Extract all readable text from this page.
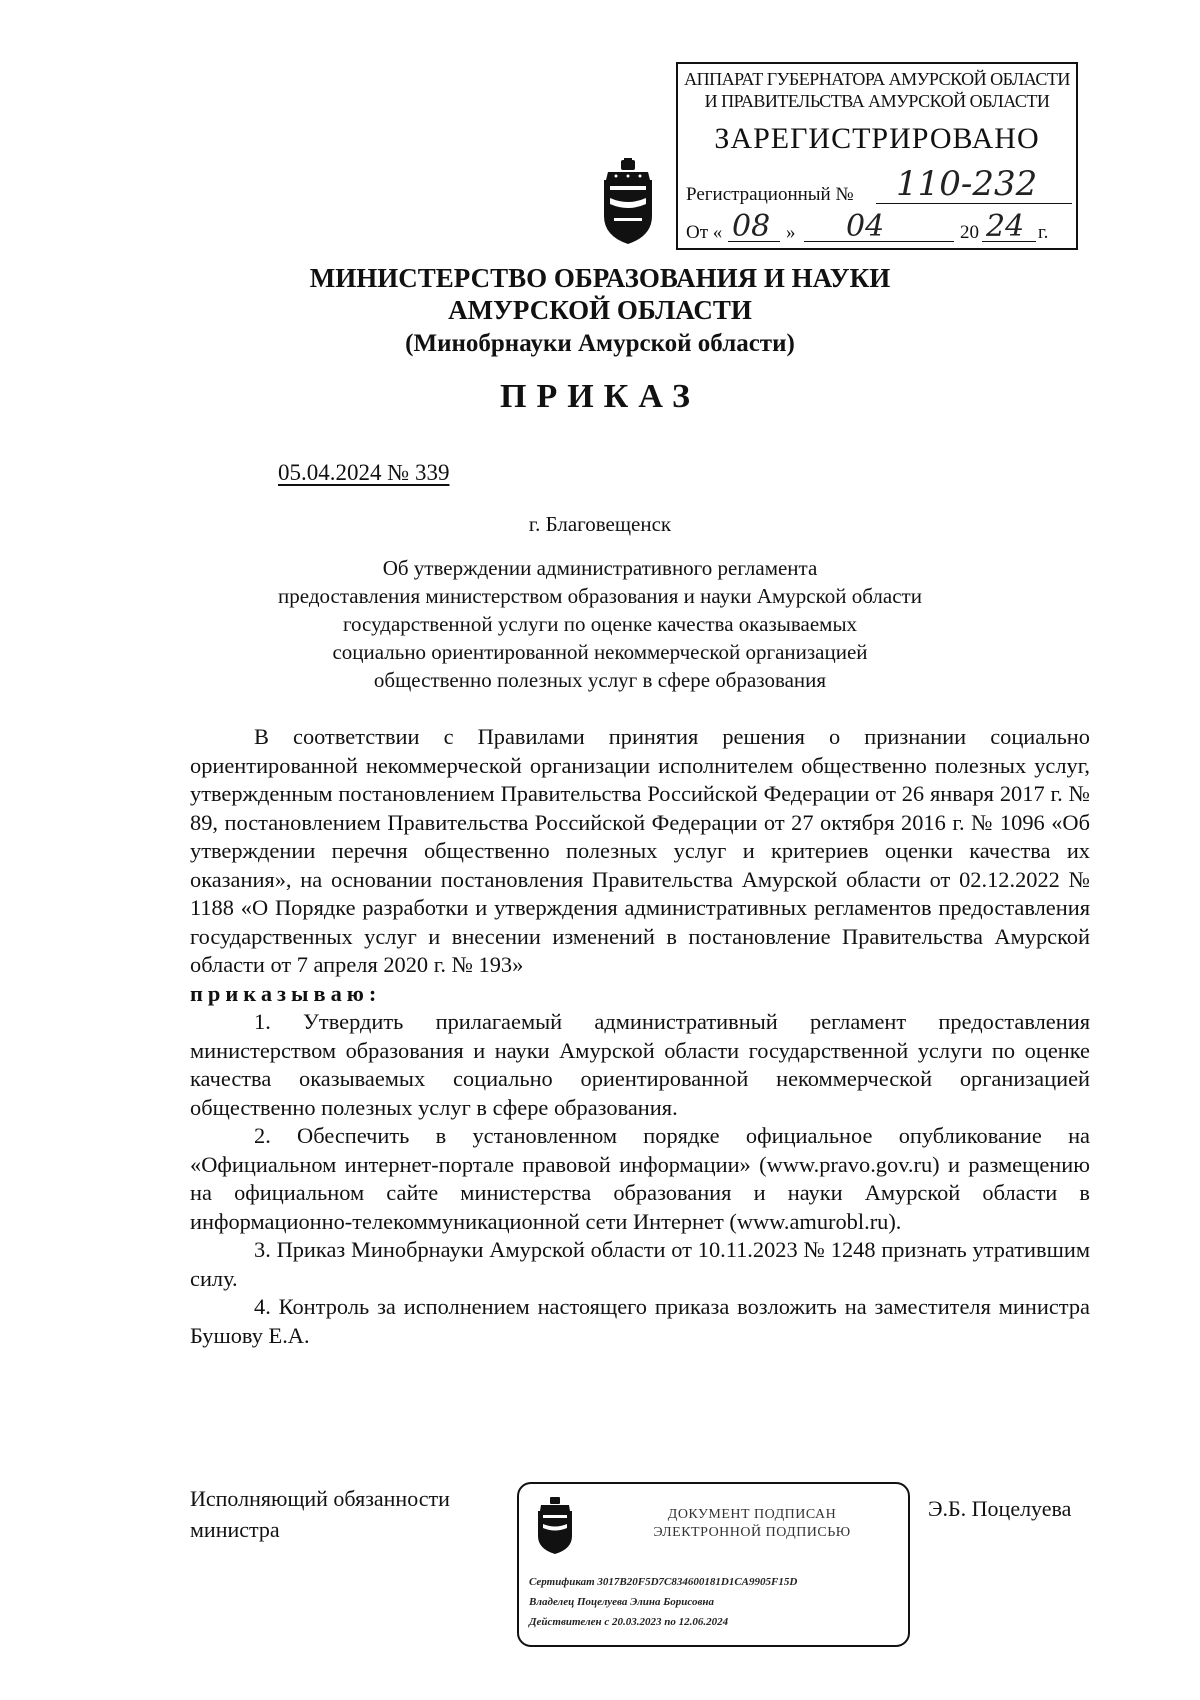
АППАРАТ ГУБЕРНАТОРА АМУРСКОЙ ОБЛАСТИ
И ПРАВИТЕЛЬСТВА АМУРСКОЙ ОБЛАСТИ
ЗАРЕГИСТРИРОВАНО
Регистрационный № 110-232
От « 08 » 04	20 24 г.
МИНИСТЕРСТВО ОБРАЗОВАНИЯ И НАУКИ
АМУРСКОЙ ОБЛАСТИ
(Минобрнауки Амурской области)
ПРИКАЗ
05.04.2024 № 339
г. Благовещенск
Об утверждении административного регламента
предоставления министерством образования и науки Амурской области
государственной услуги по оценке качества оказываемых
социально ориентированной некоммерческой организацией
общественно полезных услуг в сфере образования

В соответствии с Правилами принятия решения о признании социально ориентированной некоммерческой организации исполнителем общественно полезных услуг, утвержденным постановлением Правительства Российской Федерации от 26 января 2017 г. № 89, постановлением Правительства Российской Федерации от 27 октября 2016 г. № 1096 «Об утверждении перечня общественно полезных услуг и критериев оценки качества их оказания», на основании постановления Правительства Амурской области от 02.12.2022 № 1188 «О Порядке разработки и утверждения административных регламентов предоставления государственных услуг и внесении изменений в постановление Правительства Амурской области от 7 апреля 2020 г. № 193»

приказываю:

1. Утвердить прилагаемый административный регламент предоставления министерством образования и науки Амурской области государственной услуги по оценке качества оказываемых социально ориентированной некоммерческой организацией общественно полезных услуг в сфере образования.

2. Обеспечить в установленном порядке официальное опубликование на «Официальном интернет-портале правовой информации» (www.pravo.gov.ru) и размещению на официальном сайте министерства образования и науки Амурской области в информационно-телекоммуникационной сети Интернет (www.amurobl.ru).

3. Приказ Минобрнауки Амурской области от 10.11.2023 № 1248 признать утратившим силу.

4. Контроль за исполнением настоящего приказа возложить на заместителя министра Бушову Е.А.

Исполняющий обязанности
министра
ДОКУМЕНТ ПОДПИСАН
ЭЛЕКТРОННОЙ ПОДПИСЬЮ
Сертификат 3017B20F5D7C834600181D1CA9905F15D
Владелец Поцелуева Элина Борисовна
Действителен с 20.03.2023 по 12.06.2024
Э.Б. Поцелуева
